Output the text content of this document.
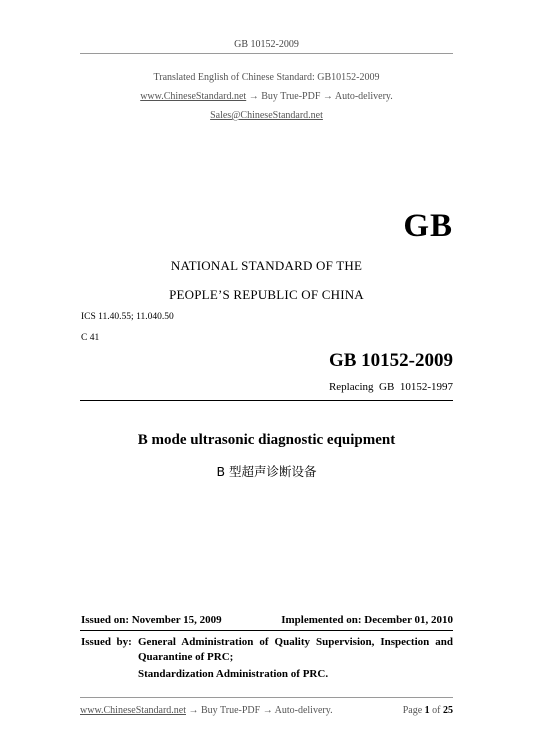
GB 10152-2009
Translated English of Chinese Standard: GB10152-2009
www.ChineseStandard.net → Buy True-PDF → Auto-delivery.
Sales@ChineseStandard.net
GB
NATIONAL STANDARD OF THE
PEOPLE’S REPUBLIC OF CHINA
ICS 11.40.55; 11.040.50
C 41
GB 10152-2009
Replacing  GB  10152-1997
B mode ultrasonic diagnostic equipment
B 型超声诊断设备
Issued on: November 15, 2009	Implemented on: December 01, 2010
Issued  by: General Administration of Quality Supervision, Inspection and
Quarantine of PRC;
Standardization Administration of PRC.
www.ChineseStandard.net → Buy True-PDF → Auto-delivery.	Page 1 of 25
